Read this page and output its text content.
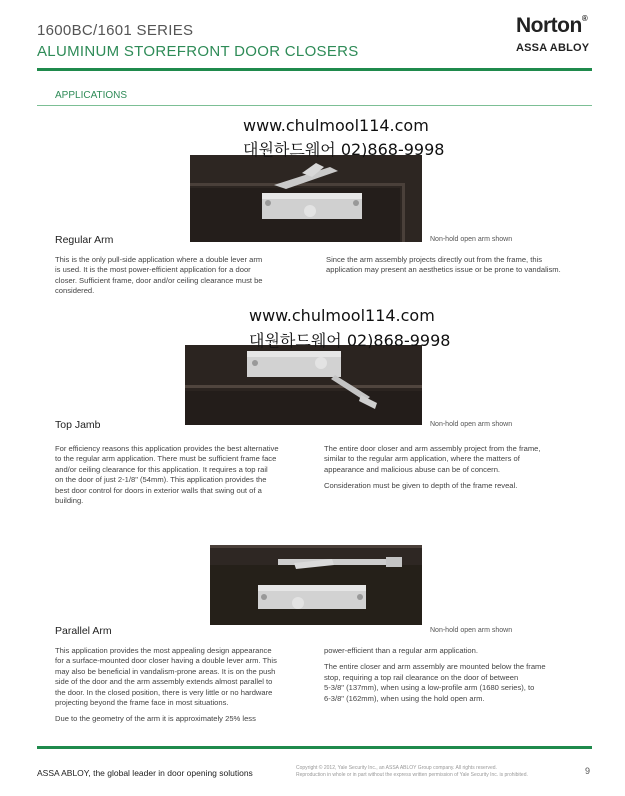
1600BC/1601 SERIES
ALUMINUM STOREFRONT DOOR CLOSERS
Norton®
ASSA ABLOY
APPLICATIONS
www.chulmool114.com
대원하드웨어 02)868-9998
Regular Arm	Non-hold open arm shown

This is the only pull-side application where a double lever arm

is used. It is the most power-efficient application for a door

closer. Sufficient frame, door and/or ceiling clearance must be

considered.

Since the arm assembly projects directly out from the frame, this

application may present an aesthetics issue or be prone to vandalism.

www.chulmool114.com
대원하드웨어 02)868-9998
Top Jamb	Non-hold open arm shown

For efficiency reasons this application provides the best alternative

to the regular arm application. There must be sufficient frame face

and/or ceiling clearance for this application. It requires a top rail

on the door of just 2-1/8" (54mm). This application provides the

best door control for doors in exterior walls that swing out of a

building.

The entire door closer and arm assembly project from the frame,

similar to the regular arm application, where the matters of

appearance and malicious abuse can be of concern.

Consideration must be given to depth of the frame reveal.

Parallel Arm	Non-hold open arm shown

This application provides the most appealing design appearance

for a surface-mounted door closer having a double lever arm. This

may also be beneficial in vandalism-prone areas. It is on the push

side of the door and the arm assembly extends almost parallel to

the door. In the closed position, there is very little or no hardware

projecting beyond the frame face in most situations.

Due to the geometry of the arm it is approximately 25% less

power-efficient than a regular arm application.

The entire closer and arm assembly are mounted below the frame

stop, requiring a top rail clearance on the door of between

5-3/8" (137mm), when using a low-profile arm (1680 series), to

6-3/8" (162mm), when using the hold open arm.

ASSA ABLOY, the global leader in door opening solutions	Copyright © 2012, Yale Security Inc., an ASSA ABLOY Group company. All rights reserved.
Reproduction in whole or in part without the express written permission of Yale Security Inc. is prohibited.	9
